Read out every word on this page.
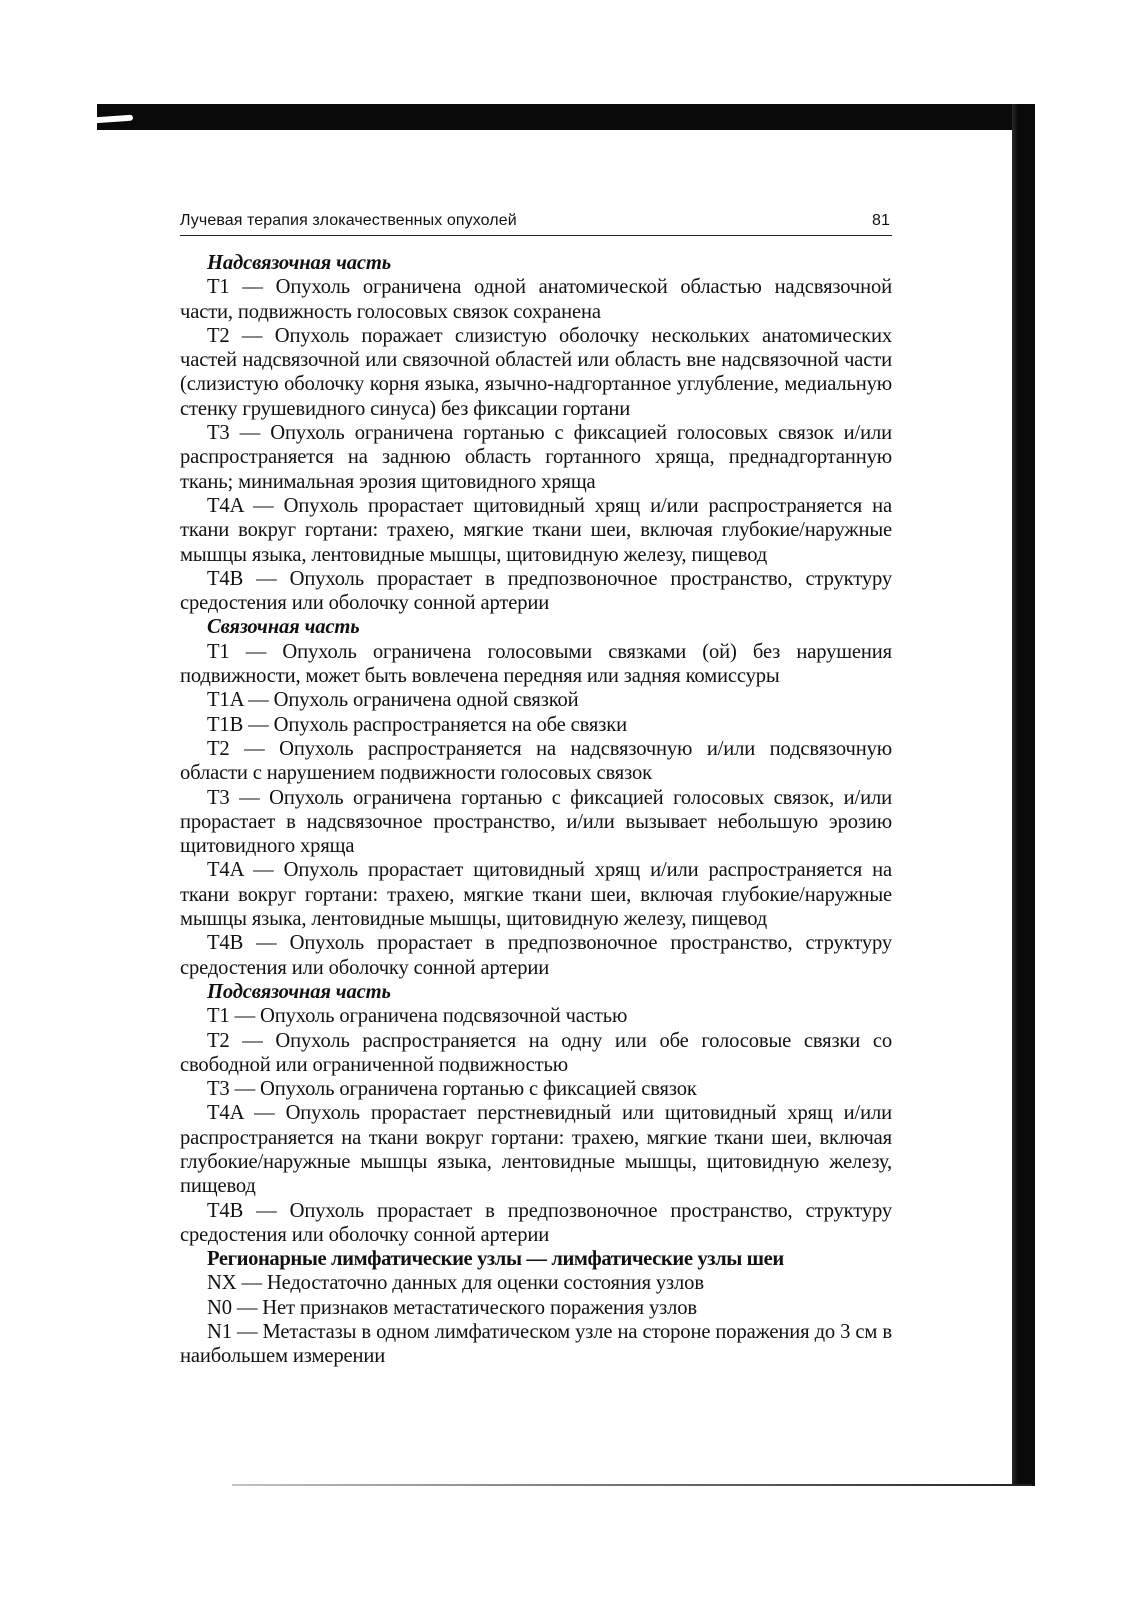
Лучевая терапия злокачественных опухолей	81
Надсвязочная часть

T1 — Опухоль ограничена одной анатомической областью надсвязочной части, подвижность голосовых связок сохранена

T2 — Опухоль поражает слизистую оболочку нескольких анатомических частей надсвязочной или связочной областей или область вне надсвязочной части (слизистую оболочку корня языка, язычно-надгортанное углубление, медиальную стенку грушевидного синуса) без фиксации гортани

T3 — Опухоль ограничена гортанью с фиксацией голосовых связок и/или распространяется на заднюю область гортанного хряща, преднадгортанную ткань; минимальная эрозия щитовидного хряща

T4A — Опухоль прорастает щитовидный хрящ и/или распространяется на ткани вокруг гортани: трахею, мягкие ткани шеи, включая глубокие/наружные мышцы языка, лентовидные мышцы, щитовидную железу, пищевод

T4B — Опухоль прорастает в предпозвоночное пространство, структуру средостения или оболочку сонной артерии

Связочная часть

T1 — Опухоль ограничена голосовыми связками (ой) без нарушения подвижности, может быть вовлечена передняя или задняя комиссуры

T1A — Опухоль ограничена одной связкой

T1B — Опухоль распространяется на обе связки

T2 — Опухоль распространяется на надсвязочную и/или подсвязочную области с нарушением подвижности голосовых связок

T3 — Опухоль ограничена гортанью с фиксацией голосовых связок, и/или прорастает в надсвязочное пространство, и/или вызывает небольшую эрозию щитовидного хряща

T4A — Опухоль прорастает щитовидный хрящ и/или распространяется на ткани вокруг гортани: трахею, мягкие ткани шеи, включая глубокие/наружные мышцы языка, лентовидные мышцы, щитовидную железу, пищевод

T4B — Опухоль прорастает в предпозвоночное пространство, структуру средостения или оболочку сонной артерии

Подсвязочная часть

T1 — Опухоль ограничена подсвязочной частью

T2 — Опухоль распространяется на одну или обе голосовые связки со свободной или ограниченной подвижностью

T3 — Опухоль ограничена гортанью с фиксацией связок

T4A — Опухоль прорастает перстневидный или щитовидный хрящ и/или распространяется на ткани вокруг гортани: трахею, мягкие ткани шеи, включая глубокие/наружные мышцы языка, лентовидные мышцы, щитовидную железу, пищевод

T4B — Опухоль прорастает в предпозвоночное пространство, структуру средостения или оболочку сонной артерии

Регионарные лимфатические узлы — лимфатические узлы шеи

NX — Недостаточно данных для оценки состояния узлов

N0 — Нет признаков метастатического поражения узлов

N1 — Метастазы в одном лимфатическом узле на стороне поражения до 3 см в наибольшем измерении
